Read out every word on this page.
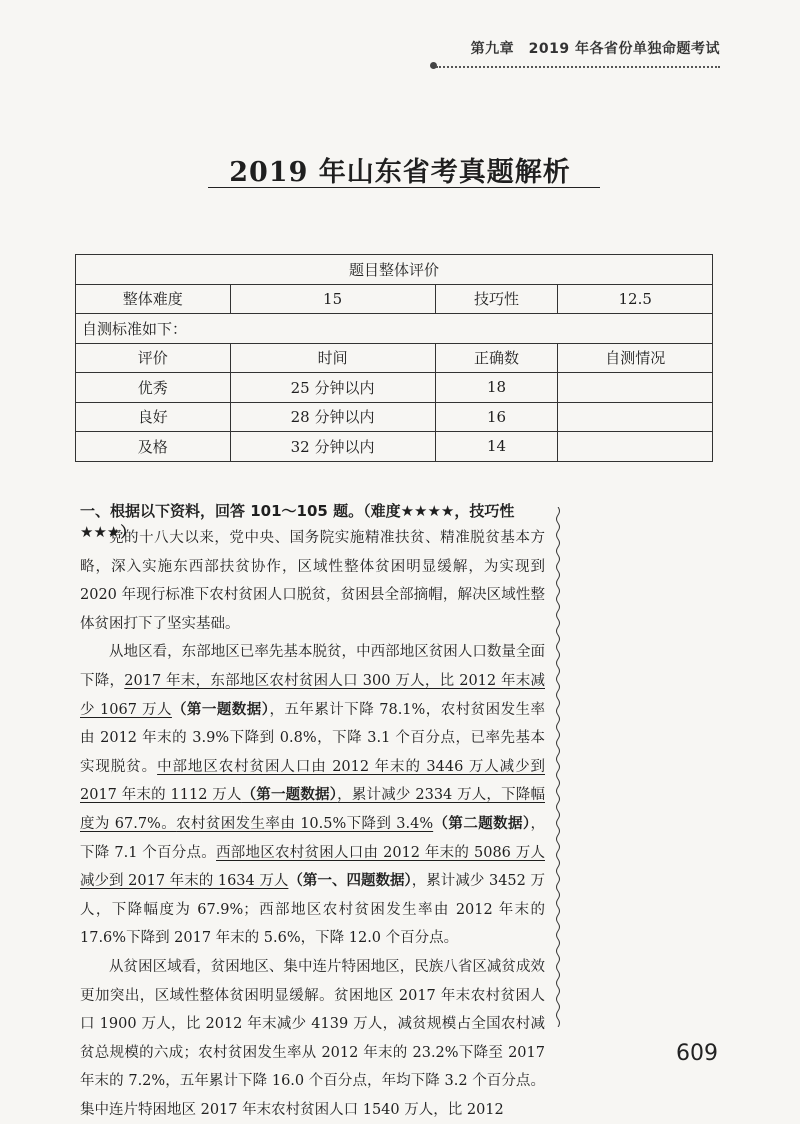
第九章　2019 年各省份单独命题考试
2019 年山东省考真题解析
题目整体评价			
整体难度	15	技巧性	12.5
自测标准如下：			
评价	时间	正确数	自测情况
优秀	25 分钟以内	18	
良好	28 分钟以内	16	
及格	32 分钟以内	14	
一、根据以下资料，回答 101～105 题。（难度★★★★，技巧性★★★）

党的十八大以来，党中央、国务院实施精准扶贫、精准脱贫基本方略，深入实施东西部扶贫协作，区域性整体贫困明显缓解，为实现到 2020 年现行标准下农村贫困人口脱贫，贫困县全部摘帽，解决区域性整体贫困打下了坚实基础。

从地区看，东部地区已率先基本脱贫，中西部地区贫困人口数量全面下降，2017 年末，东部地区农村贫困人口 300 万人，比 2012 年末减少 1067 万人（第一题数据），五年累计下降 78.1%，农村贫困发生率由 2012 年末的 3.9%下降到 0.8%，下降 3.1 个百分点，已率先基本实现脱贫。中部地区农村贫困人口由 2012 年末的 3446 万人减少到 2017 年末的 1112 万人（第一题数据），累计减少 2334 万人，下降幅度为 67.7%。农村贫困发生率由 10.5%下降到 3.4%（第二题数据），下降 7.1 个百分点。西部地区农村贫困人口由 2012 年末的 5086 万人减少到 2017 年末的 1634 万人（第一、四题数据），累计减少 3452 万人，下降幅度为 67.9%；西部地区农村贫困发生率由 2012 年末的 17.6%下降到 2017 年末的 5.6%，下降 12.0 个百分点。

从贫困区域看，贫困地区、集中连片特困地区，民族八省区减贫成效更加突出，区域性整体贫困明显缓解。贫困地区 2017 年末农村贫困人口 1900 万人，比 2012 年末减少 4139 万人，减贫规模占全国农村减贫总规模的六成；农村贫困发生率从 2012 年末的 23.2%下降至 2017 年末的 7.2%，五年累计下降 16.0 个百分点，年均下降 3.2 个百分点。集中连片特困地区 2017 年末农村贫困人口 1540 万人，比 2012

609
